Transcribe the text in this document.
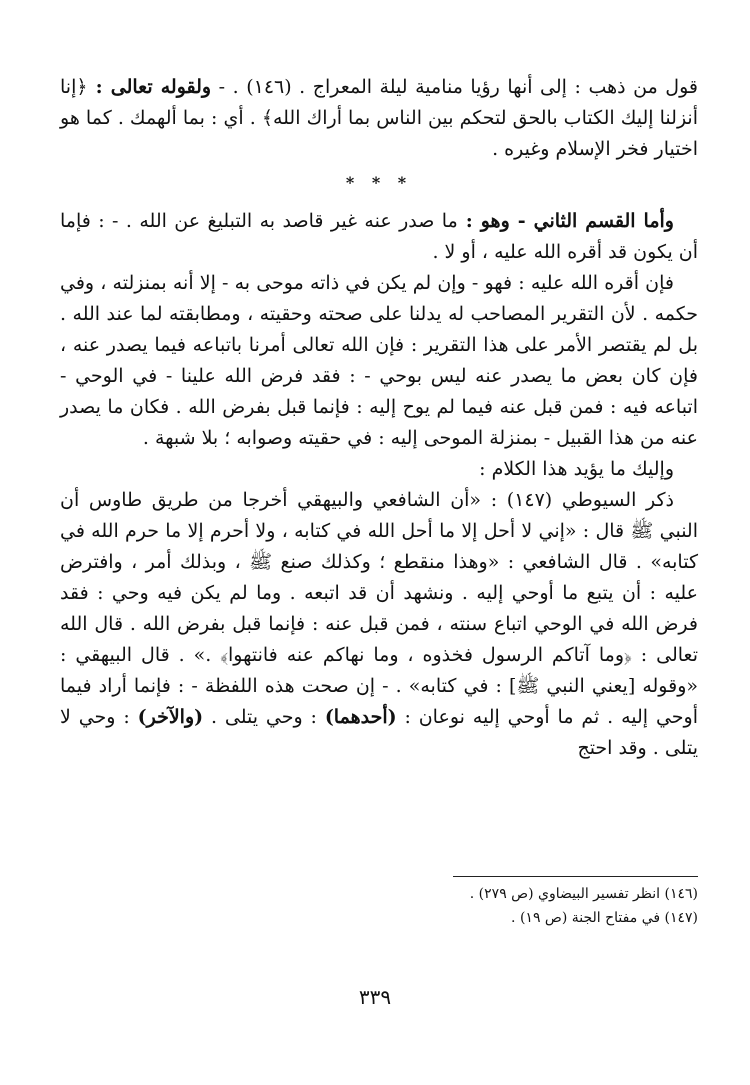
قول من ذهب : إلى أنها رؤيا منامية ليلة المعراج . (١٤٦) . - ولقوله تعالى : ﴿إنا أنزلنا إليك الكتاب بالحق لتحكم بين الناس بما أراك الله﴾ . أي : بما ألهمك . كما هو اختيار فخر الإسلام وغيره .

* * *

وأما القسم الثاني - وهو : ما صدر عنه غير قاصد به التبليغ عن الله . - : فإما أن يكون قد أقره الله عليه ، أو لا .

فإن أقره الله عليه : فهو - وإن لم يكن في ذاته موحى به - إلا أنه بمنزلته ، وفي حكمه . لأن التقرير المصاحب له يدلنا على صحته وحقيته ، ومطابقته لما عند الله . بل لم يقتصر الأمر على هذا التقرير : فإن الله تعالى أمرنا باتباعه فيما يصدر عنه ، فإن كان بعض ما يصدر عنه ليس بوحي - : فقد فرض الله علينا - في الوحي - اتباعه فيه : فمن قبل عنه فيما لم يوح إليه : فإنما قبل بفرض الله . فكان ما يصدر عنه من هذا القبيل - بمنزلة الموحى إليه : في حقيته وصوابه ؛ بلا شبهة .

وإليك ما يؤيد هذا الكلام :

ذكر السيوطي (١٤٧) : «أن الشافعي والبيهقي أخرجا من طريق طاوس أن النبي ﷺ قال : «إني لا أحل إلا ما أحل الله في كتابه ، ولا أحرم إلا ما حرم الله في كتابه» . قال الشافعي : «وهذا منقطع ؛ وكذلك صنع ﷺ ، وبذلك أمر ، وافترض عليه : أن يتبع ما أوحي إليه . ونشهد أن قد اتبعه . وما لم يكن فيه وحي : فقد فرض الله في الوحي اتباع سنته ، فمن قبل عنه : فإنما قبل بفرض الله . قال الله تعالى : ﴿وما آتاكم الرسول فخذوه ، وما نهاكم عنه فانتهوا﴾ .» . قال البيهقي : «وقوله [يعني النبي ﷺ] : في كتابه» . - إن صحت هذه اللفظة - : فإنما أراد فيما أوحي إليه . ثم ما أوحي إليه نوعان : (أحدهما) : وحي يتلى . (والآخر) : وحي لا يتلى . وقد احتج

(١٤٦) انظر تفسير البيضاوي (ص ٢٧٩) .

(١٤٧) في مفتاح الجنة (ص ١٩) .

٣٣٩
